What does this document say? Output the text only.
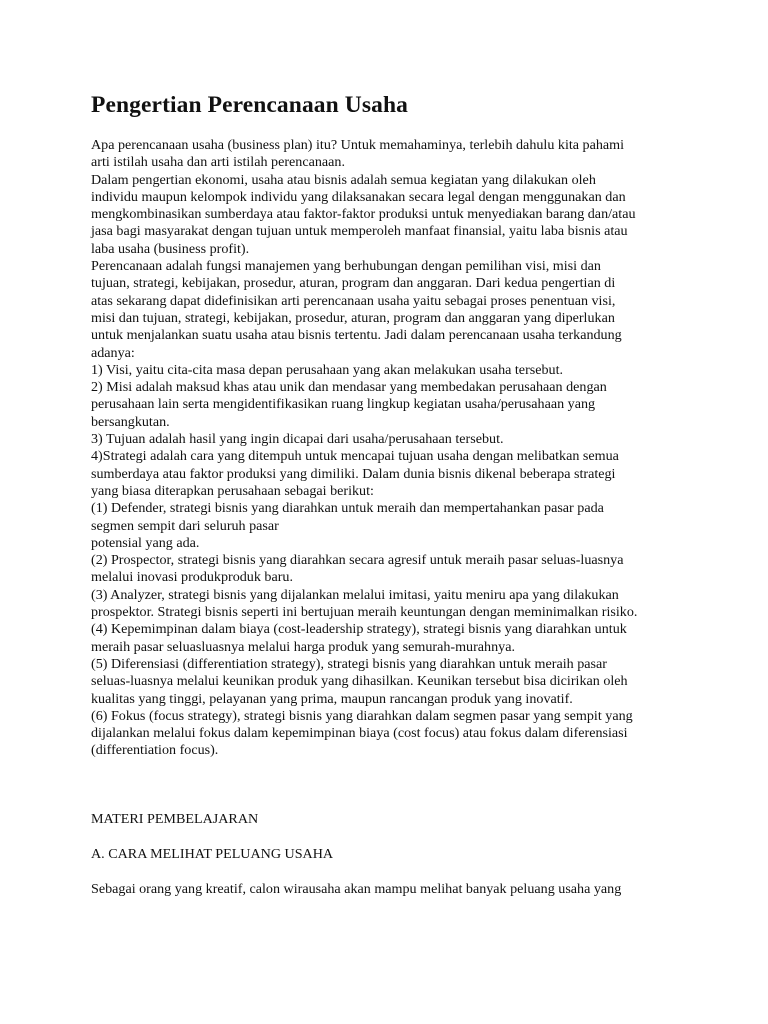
Pengertian Perencanaan Usaha
Apa perencanaan usaha (business plan) itu? Untuk memahaminya, terlebih dahulu kita pahami
arti istilah usaha dan arti istilah perencanaan.
Dalam pengertian ekonomi, usaha atau bisnis adalah semua kegiatan yang dilakukan oleh
individu maupun kelompok individu yang dilaksanakan secara legal dengan menggunakan dan
mengkombinasikan sumberdaya atau faktor-faktor produksi untuk menyediakan barang dan/atau
jasa bagi masyarakat dengan tujuan untuk memperoleh manfaat finansial, yaitu laba bisnis atau
laba usaha (business profit).
Perencanaan adalah fungsi manajemen yang berhubungan dengan pemilihan visi, misi dan
tujuan, strategi, kebijakan, prosedur, aturan, program dan anggaran. Dari kedua pengertian di
atas sekarang dapat didefinisikan arti perencanaan usaha yaitu sebagai proses penentuan visi,
misi dan tujuan, strategi, kebijakan, prosedur, aturan, program dan anggaran yang diperlukan
untuk menjalankan suatu usaha atau bisnis tertentu. Jadi dalam perencanaan usaha terkandung
adanya:
1) Visi, yaitu cita-cita masa depan perusahaan yang akan melakukan usaha tersebut.
2) Misi adalah maksud khas atau unik dan mendasar yang membedakan perusahaan dengan
perusahaan lain serta mengidentifikasikan ruang lingkup kegiatan usaha/perusahaan yang
bersangkutan.
3) Tujuan adalah hasil yang ingin dicapai dari usaha/perusahaan tersebut.
4)Strategi adalah cara yang ditempuh untuk mencapai tujuan usaha dengan melibatkan semua
sumberdaya atau faktor produksi yang dimiliki. Dalam dunia bisnis dikenal beberapa strategi
yang biasa diterapkan perusahaan sebagai berikut:
(1) Defender, strategi bisnis yang diarahkan untuk meraih dan mempertahankan pasar pada
segmen sempit dari seluruh pasar
potensial yang ada.
(2) Prospector, strategi bisnis yang diarahkan secara agresif untuk meraih pasar seluas-luasnya
melalui inovasi produkproduk baru.
(3) Analyzer, strategi bisnis yang dijalankan melalui imitasi, yaitu meniru apa yang dilakukan
prospektor. Strategi bisnis seperti ini bertujuan meraih keuntungan dengan meminimalkan risiko.
(4) Kepemimpinan dalam biaya (cost-leadership strategy), strategi bisnis yang diarahkan untuk
meraih pasar seluasluasnya melalui harga produk yang semurah-murahnya.
(5) Diferensiasi (differentiation strategy), strategi bisnis yang diarahkan untuk meraih pasar
seluas-luasnya melalui keunikan produk yang dihasilkan. Keunikan tersebut bisa dicirikan oleh
kualitas yang tinggi, pelayanan yang prima, maupun rancangan produk yang inovatif.
(6) Fokus (focus strategy), strategi bisnis yang diarahkan dalam segmen pasar yang sempit yang
dijalankan melalui fokus dalam kepemimpinan biaya (cost focus) atau fokus dalam diferensiasi
(differentiation focus).
MATERI PEMBELAJARAN
A. CARA MELIHAT PELUANG USAHA
Sebagai orang yang kreatif, calon wirausaha akan mampu melihat banyak peluang usaha yang
